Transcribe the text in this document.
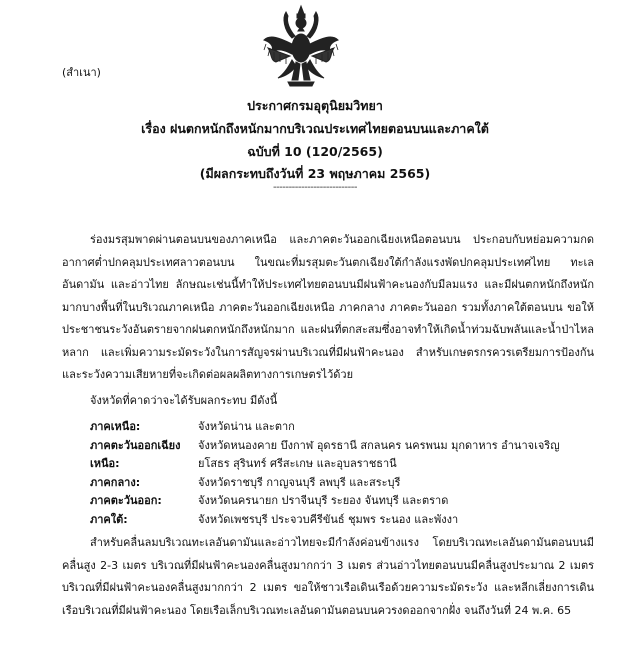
(สำเนา)
ประกาศกรมอุตุนิยมวิทยา
เรื่อง ฝนตกหนักถึงหนักมากบริเวณประเทศไทยตอนบนและภาคใต้
ฉบับที่ 10 (120/2565)
(มีผลกระทบถึงวันที่ 23 พฤษภาคม 2565)
---------------------------

ร่องมรสุมพาดผ่านตอนบนของภาคเหนือ และภาคตะวันออกเฉียงเหนือตอนบน ประกอบกับหย่อมความกดอากาศต่ำปกคลุมประเทศลาวตอนบน ในขณะที่มรสุมตะวันตกเฉียงใต้กำลังแรงพัดปกคลุมประเทศไทย ทะเลอันดามัน และอ่าวไทย ลักษณะเช่นนี้ทำให้ประเทศไทยตอนบนมีฝนฟ้าคะนองกับมีลมแรง และมีฝนตกหนักถึงหนักมากบางพื้นที่ในบริเวณภาคเหนือ ภาคตะวันออกเฉียงเหนือ ภาคกลาง ภาคตะวันออก รวมทั้งภาคใต้ตอนบน ขอให้ประชาชนระวังอันตรายจากฝนตกหนักถึงหนักมาก และฝนที่ตกสะสมซึ่งอาจทำให้เกิดน้ำท่วมฉับพลันและน้ำป่าไหลหลาก และเพิ่มความระมัดระวังในการสัญจรผ่านบริเวณที่มีฝนฟ้าคะนอง สำหรับเกษตรกรควรเตรียมการป้องกันและระวังความเสียหายที่จะเกิดต่อผลผลิตทางการเกษตรไว้ด้วย

จังหวัดที่คาดว่าจะได้รับผลกระทบ มีดังนี้
ภาคเหนือ:	จังหวัดน่าน และตาก
ภาคตะวันออกเฉียงเหนือ:
จังหวัดหนองคาย บึงกาฬ อุดรธานี สกลนคร นครพนม มุกดาหาร อำนาจเจริญ
ยโสธร สุรินทร์ ศรีสะเกษ และอุบลราชธานี
ภาคกลาง:	จังหวัดราชบุรี กาญจนบุรี ลพบุรี และสระบุรี
ภาคตะวันออก:	จังหวัดนครนายก ปราจีนบุรี ระยอง จันทบุรี และตราด
ภาคใต้:	จังหวัดเพชรบุรี ประจวบคีรีขันธ์ ชุมพร ระนอง และพังงา

สำหรับคลื่นลมบริเวณทะเลอันดามันและอ่าวไทยจะมีกำลังค่อนข้างแรง โดยบริเวณทะเลอันดามันตอนบนมีคลื่นสูง 2-3 เมตร บริเวณที่มีฝนฟ้าคะนองคลื่นสูงมากกว่า 3 เมตร ส่วนอ่าวไทยตอนบนมีคลื่นสูงประมาณ 2 เมตร บริเวณที่มีฝนฟ้าคะนองคลื่นสูงมากกว่า 2 เมตร ขอให้ชาวเรือเดินเรือด้วยความระมัดระวัง และหลีกเลี่ยงการเดินเรือบริเวณที่มีฝนฟ้าคะนอง โดยเรือเล็กบริเวณทะเลอันดามันตอนบนควรงดออกจากฝั่ง จนถึงวันที่ 24 พ.ค. 65
